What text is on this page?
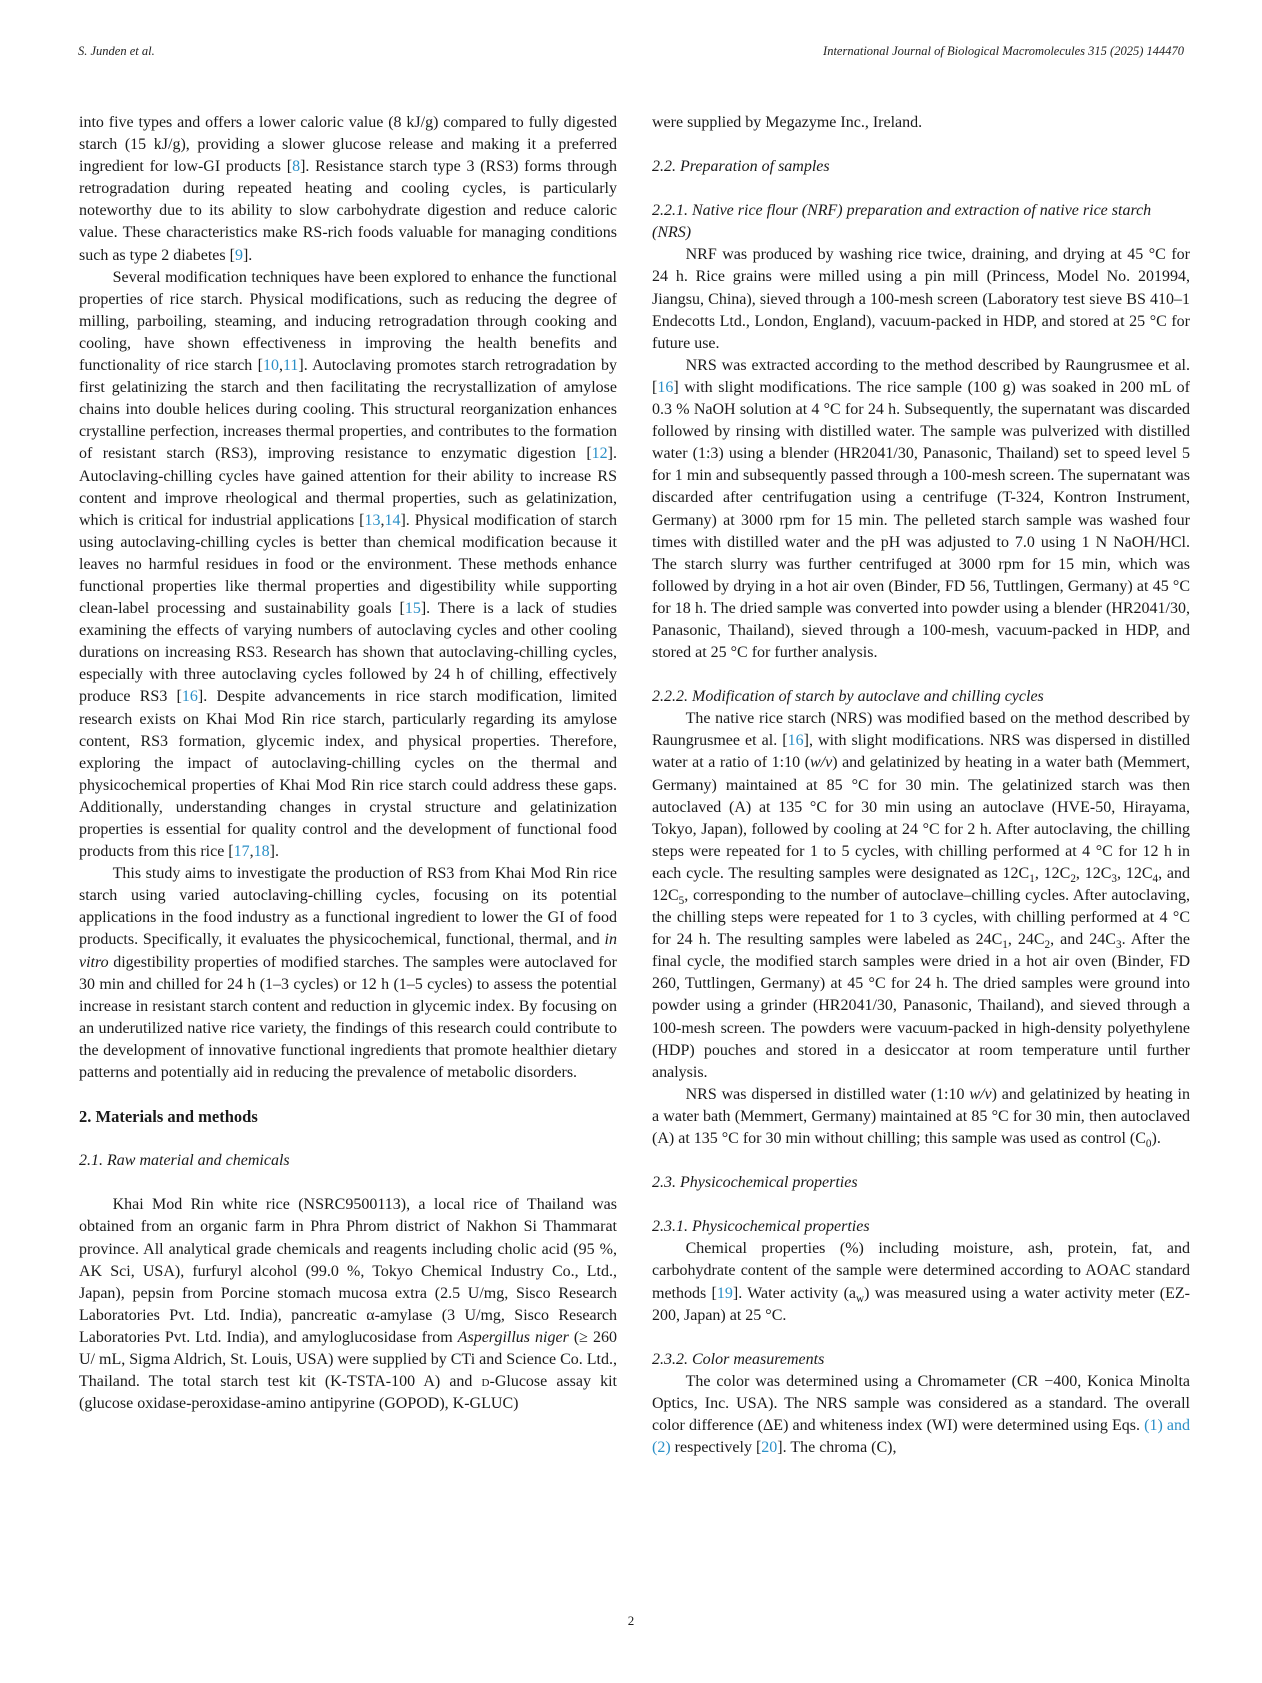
S. Junden et al.	International Journal of Biological Macromolecules 315 (2025) 144470

into five types and offers a lower caloric value (8 kJ/g) compared to fully digested starch (15 kJ/g), providing a slower glucose release and making it a preferred ingredient for low-GI products [8]. Resistance starch type 3 (RS3) forms through retrogradation during repeated heating and cooling cycles, is particularly noteworthy due to its ability to slow carbohydrate digestion and reduce caloric value. These characteristics make RS-rich foods valuable for managing conditions such as type 2 diabetes [9].

Several modification techniques have been explored to enhance the functional properties of rice starch. Physical modifications, such as reducing the degree of milling, parboiling, steaming, and inducing retrogradation through cooking and cooling, have shown effectiveness in improving the health benefits and functionality of rice starch [10,11]. Autoclaving promotes starch retrogradation by first gelatinizing the starch and then facilitating the recrystallization of amylose chains into double helices during cooling. This structural reorganization enhances crystalline perfection, increases thermal properties, and contributes to the formation of resistant starch (RS3), improving resistance to enzymatic digestion [12]. Autoclaving-chilling cycles have gained attention for their ability to increase RS content and improve rheological and thermal properties, such as gelatinization, which is critical for industrial applications [13,14]. Physical modification of starch using autoclaving-chilling cycles is better than chemical modification because it leaves no harmful residues in food or the environment. These methods enhance functional properties like thermal properties and digestibility while supporting clean-label processing and sustainability goals [15]. There is a lack of studies examining the effects of varying numbers of autoclaving cycles and other cooling durations on increasing RS3. Research has shown that autoclaving-chilling cycles, especially with three autoclaving cycles followed by 24 h of chilling, effectively produce RS3 [16]. Despite advancements in rice starch modification, limited research exists on Khai Mod Rin rice starch, particularly regarding its amylose content, RS3 formation, glycemic index, and physical properties. Therefore, exploring the impact of autoclaving-chilling cycles on the thermal and physicochemical properties of Khai Mod Rin rice starch could address these gaps. Additionally, understanding changes in crystal structure and gelatinization properties is essential for quality control and the development of functional food products from this rice [17,18].

This study aims to investigate the production of RS3 from Khai Mod Rin rice starch using varied autoclaving-chilling cycles, focusing on its potential applications in the food industry as a functional ingredient to lower the GI of food products. Specifically, it evaluates the physicochemical, functional, thermal, and in vitro digestibility properties of modified starches. The samples were autoclaved for 30 min and chilled for 24 h (1–3 cycles) or 12 h (1–5 cycles) to assess the potential increase in resistant starch content and reduction in glycemic index. By focusing on an underutilized native rice variety, the findings of this research could contribute to the development of innovative functional ingredients that promote healthier dietary patterns and potentially aid in reducing the prevalence of metabolic disorders.

2. Materials and methods
2.1. Raw material and chemicals

Khai Mod Rin white rice (NSRC9500113), a local rice of Thailand was obtained from an organic farm in Phra Phrom district of Nakhon Si Thammarat province. All analytical grade chemicals and reagents including cholic acid (95 %, AK Sci, USA), furfuryl alcohol (99.0 %, Tokyo Chemical Industry Co., Ltd., Japan), pepsin from Porcine stomach mucosa extra (2.5 U/mg, Sisco Research Laboratories Pvt. Ltd. India), pancreatic α-amylase (3 U/mg, Sisco Research Laboratories Pvt. Ltd. India), and amyloglucosidase from Aspergillus niger (≥ 260 U/ mL, Sigma Aldrich, St. Louis, USA) were supplied by CTi and Science Co. Ltd., Thailand. The total starch test kit (K-TSTA-100 A) and d-Glucose assay kit (glucose oxidase-peroxidase-amino antipyrine (GOPOD), K-GLUC)

were supplied by Megazyme Inc., Ireland.

2.2. Preparation of samples
2.2.1. Native rice flour (NRF) preparation and extraction of native rice starch (NRS)

NRF was produced by washing rice twice, draining, and drying at 45 °C for 24 h. Rice grains were milled using a pin mill (Princess, Model No. 201994, Jiangsu, China), sieved through a 100-mesh screen (Laboratory test sieve BS 410–1 Endecotts Ltd., London, England), vacuum-packed in HDP, and stored at 25 °C for future use.

NRS was extracted according to the method described by Raungrusmee et al. [16] with slight modifications. The rice sample (100 g) was soaked in 200 mL of 0.3 % NaOH solution at 4 °C for 24 h. Subsequently, the supernatant was discarded followed by rinsing with distilled water. The sample was pulverized with distilled water (1:3) using a blender (HR2041/30, Panasonic, Thailand) set to speed level 5 for 1 min and subsequently passed through a 100-mesh screen. The supernatant was discarded after centrifugation using a centrifuge (T-324, Kontron Instrument, Germany) at 3000 rpm for 15 min. The pelleted starch sample was washed four times with distilled water and the pH was adjusted to 7.0 using 1 N NaOH/HCl. The starch slurry was further centrifuged at 3000 rpm for 15 min, which was followed by drying in a hot air oven (Binder, FD 56, Tuttlingen, Germany) at 45 °C for 18 h. The dried sample was converted into powder using a blender (HR2041/30, Panasonic, Thailand), sieved through a 100-mesh, vacuum-packed in HDP, and stored at 25 °C for further analysis.

2.2.2. Modification of starch by autoclave and chilling cycles

The native rice starch (NRS) was modified based on the method described by Raungrusmee et al. [16], with slight modifications. NRS was dispersed in distilled water at a ratio of 1:10 (w/v) and gelatinized by heating in a water bath (Memmert, Germany) maintained at 85 °C for 30 min. The gelatinized starch was then autoclaved (A) at 135 °C for 30 min using an autoclave (HVE-50, Hirayama, Tokyo, Japan), followed by cooling at 24 °C for 2 h. After autoclaving, the chilling steps were repeated for 1 to 5 cycles, with chilling performed at 4 °C for 12 h in each cycle. The resulting samples were designated as $12C_1$, $12C_2$, $12C_3$, $12C_4$, and $12C_5$, corresponding to the number of autoclave–chilling cycles. After autoclaving, the chilling steps were repeated for 1 to 3 cycles, with chilling performed at 4 °C for 24 h. The resulting samples were labeled as $24C_1$, $24C_2$, and $24C_3$. After the final cycle, the modified starch samples were dried in a hot air oven (Binder, FD 260, Tuttlingen, Germany) at 45 °C for 24 h. The dried samples were ground into powder using a grinder (HR2041/30, Panasonic, Thailand), and sieved through a 100-mesh screen. The powders were vacuum-packed in high-density polyethylene (HDP) pouches and stored in a desiccator at room temperature until further analysis.

NRS was dispersed in distilled water (1:10 w/v) and gelatinized by heating in a water bath (Memmert, Germany) maintained at 85 °C for 30 min, then autoclaved (A) at 135 °C for 30 min without chilling; this sample was used as control $(C_0)$.

2.3. Physicochemical properties
2.3.1. Physicochemical properties

Chemical properties (%) including moisture, ash, protein, fat, and carbohydrate content of the sample were determined according to AOAC standard methods [19]. Water activity $(a_w)$ was measured using a water activity meter (EZ-200, Japan) at 25 °C.

2.3.2. Color measurements

The color was determined using a Chromameter (CR −400, Konica Minolta Optics, Inc. USA). The NRS sample was considered as a standard. The overall color difference (ΔE) and whiteness index (WI) were determined using Eqs. (1) and (2) respectively [20]. The chroma (C),

2
